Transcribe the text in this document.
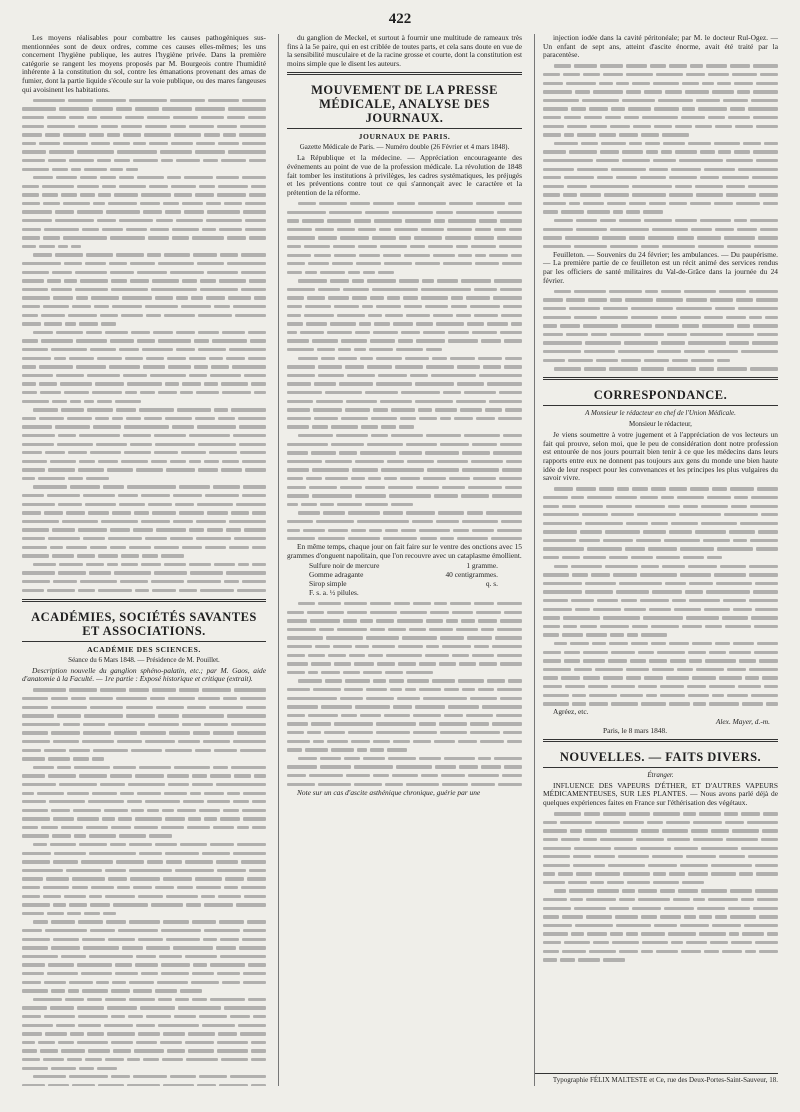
422

Les moyens réalisables pour combattre les causes pathogéniques sus-mentionnées sont de deux ordres, comme ces causes elles-mêmes; les uns concernent l'hygiène publique, les autres l'hygiène privée. Dans la première catégorie se rangent les moyens proposés par M. Bourgeois contre l'humidité inhérente à la constitution du sol, contre les émanations provenant des amas de fumier, dont la partie liquide s'écoule sur la voie publique, ou des mares fangeuses qui avoisinent les habitations.

ACADÉMIES, SOCIÉTÉS SAVANTES ET ASSOCIATIONS.
ACADÉMIE DES SCIENCES.
Séance du 6 Mars 1848. — Présidence de M. Pouillet.

Description nouvelle du ganglion sphéno-palatin, etc.; par M. Gaos, aide d'anatomie à la Faculté. — 1re partie : Exposé historique et critique (extrait).

du ganglion de Meckel, et surtout à fournir une multitude de rameaux très fins à la 5e paire, qui en est criblée de toutes parts, et cela sans doute en vue de la sensibilité musculaire et de la racine grosse et courte, dont la constitution est moins simple que le disent les auteurs.

MOUVEMENT DE LA PRESSE MÉDICALE, ANALYSE DES JOURNAUX.
JOURNAUX DE PARIS.
Gazette Médicale de Paris. — Numéro double (26 Février et 4 mars 1848).

La République et la médecine. — Appréciation encourageante des événements au point de vue de la profession médicale. La révolution de 1848 fait tomber les institutions à privilèges, les cadres systématiques, les préjugés et les préventions contre tout ce qui s'annonçait avec le caractère et la prétention de la réforme.

En même temps, chaque jour on fait faire sur le ventre des onctions avec 15 grammes d'onguent napolitain, que l'on recouvre avec un cataplasme émollient.

Sulfure noir de mercure	1 gramme.
Gomme adragante	40 centigrammes.
Sirop simple	q. s.
F. s. a. ½ pilules.

Note sur un cas d'ascite asthénique chronique, guérie par une

injection iodée dans la cavité péritonéale; par M. le docteur Rul-Ogez. — Un enfant de sept ans, atteint d'ascite énorme, avait été traité par la paracentèse.

Feuilleton. — Souvenirs du 24 février; les ambulances. — Du paupérisme. — La première partie de ce feuilleton est un récit animé des services rendus par les officiers de santé militaires du Val-de-Grâce dans la journée du 24 février.

CORRESPONDANCE.
A Monsieur le rédacteur en chef de l'Union Médicale.
Monsieur le rédacteur,

Je viens soumettre à votre jugement et à l'appréciation de vos lecteurs un fait qui prouve, selon moi, que le peu de considération dont notre profession est entourée de nos jours pourrait bien tenir à ce que les médecins dans leurs rapports entre eux ne donnent pas toujours aux gens du monde une bien haute idée de leur respect pour les convenances et les principes les plus vulgaires du savoir vivre.

Agréez, etc.

Alex. Mayer, d.-m.
Paris, le 8 mars 1848.
NOUVELLES. — FAITS DIVERS.
Étranger.

INFLUENCE DES VAPEURS D'ÉTHER, ET D'AUTRES VAPEURS MÉDICAMENTEUSES, SUR LES PLANTES. — Nous avons parlé déjà de quelques expériences faites en France sur l'éthérisation des végétaux.

Typographie FÉLIX MALTESTE et Ce, rue des Deux-Portes-Saint-Sauveur, 18.
